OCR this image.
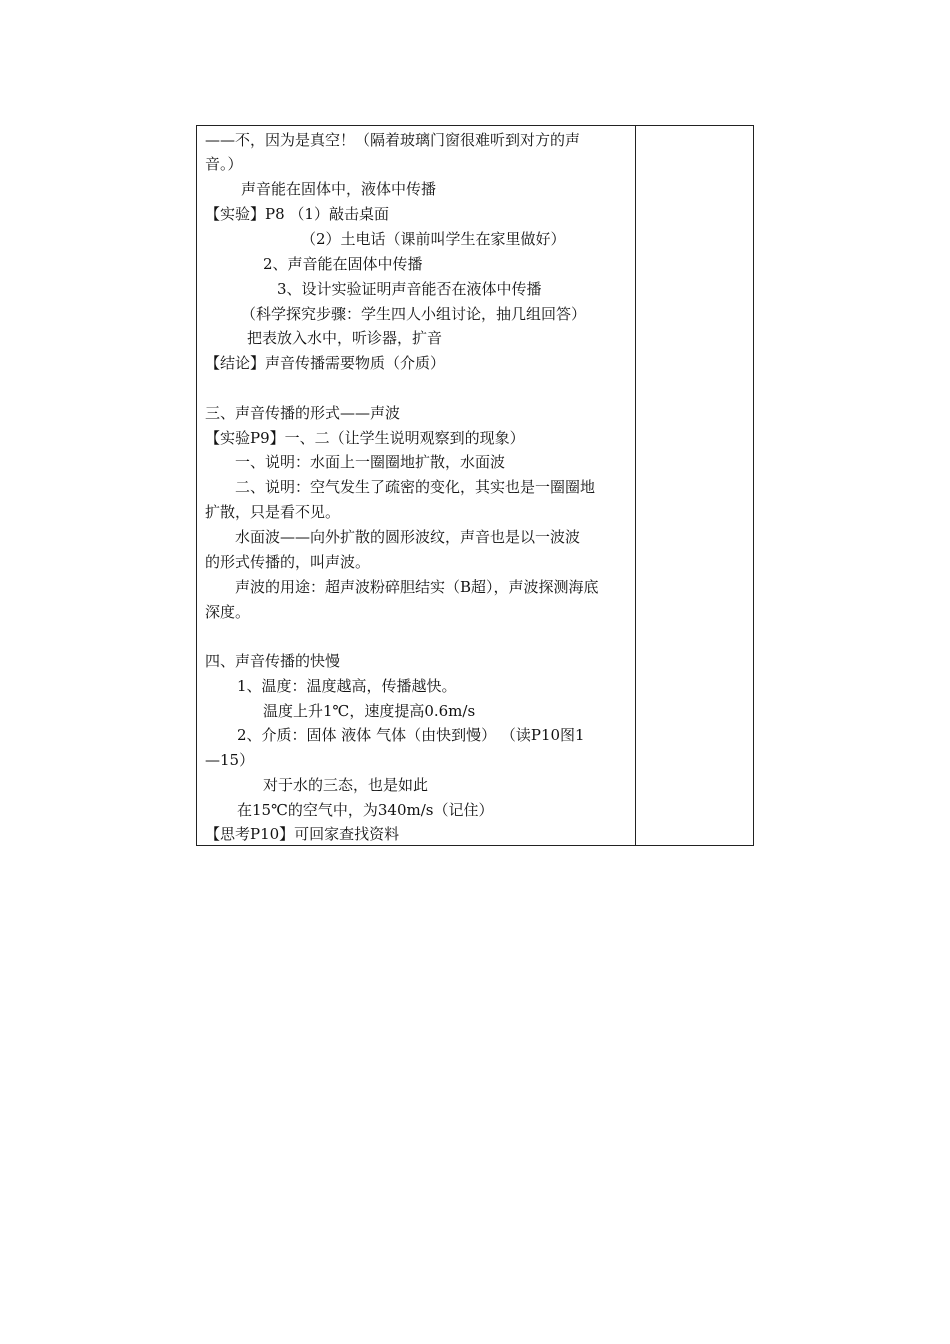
——不，因为是真空！（隔着玻璃门窗很难听到对方的声
音。）
声音能在固体中，液体中传播
【实验】P8 （1）敲击桌面
（2）土电话（课前叫学生在家里做好）
2、声音能在固体中传播
3、设计实验证明声音能否在液体中传播
（科学探究步骤：学生四人小组讨论，抽几组回答）
把表放入水中，听诊器，扩音
【结论】声音传播需要物质（介质）
三、声音传播的形式——声波
【实验P9】一、二（让学生说明观察到的现象）
一、说明：水面上一圈圈地扩散，水面波
二、说明：空气发生了疏密的变化，其实也是一圈圈地
扩散，只是看不见。
水面波——向外扩散的圆形波纹，声音也是以一波波
的形式传播的，叫声波。
声波的用途：超声波粉碎胆结实（B超），声波探测海底
深度。
四、声音传播的快慢
1、温度：温度越高，传播越快。
温度上升1℃，速度提高0.6m/s
2、介质：固体 液体 气体（由快到慢） （读P10图1
—15）
对于水的三态，也是如此
在15℃的空气中，为340m/s（记住）
【思考P10】可回家查找资料
